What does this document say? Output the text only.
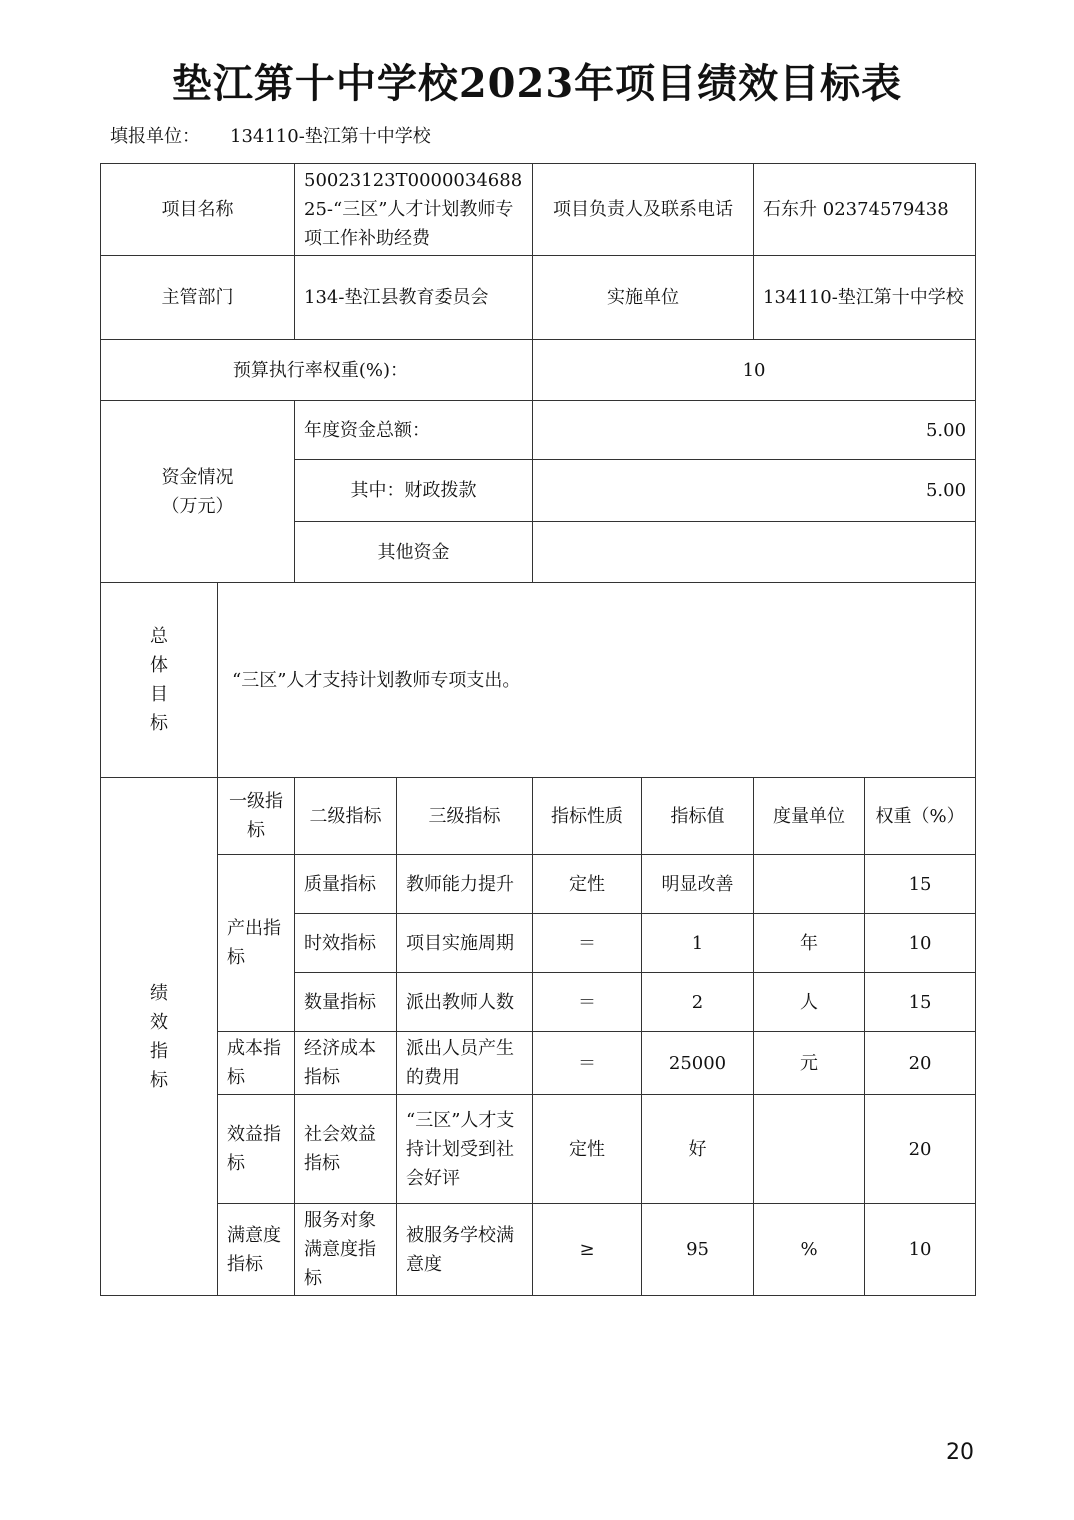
垫江第十中学校2023年项目绩效目标表
填报单位： 134110-垫江第十中学校
项目名称		50023123T000003468825-“三区”人才计划教师专项工作补助经费		项目负责人及联系电话		石东升 02374579438	
主管部门		134-垫江县教育委员会		实施单位		134110-垫江第十中学校	
预算执行率权重(%)：				10			

资金情况
（万元）		年度资金总额：		5.00			
		其中：财政拨款		5.00			
		其他资金					

总
体
目
标	“三区”人才支持计划教师专项支出。						

绩
效
指
标	一级指标	二级指标	三级指标	指标性质	指标值	度量单位	权重（%）
	产出指标	质量指标	教师能力提升	定性	明显改善		15
		时效指标	项目实施周期	＝	1	年	10
		数量指标	派出教师人数	＝	2	人	15
	成本指标	经济成本指标	派出人员产生的费用	＝	25000	元	20
	效益指标	社会效益指标	“三区”人才支持计划受到社会好评	定性	好		20
	满意度指标	服务对象满意度指标	被服务学校满意度	≥	95	%	10
20
